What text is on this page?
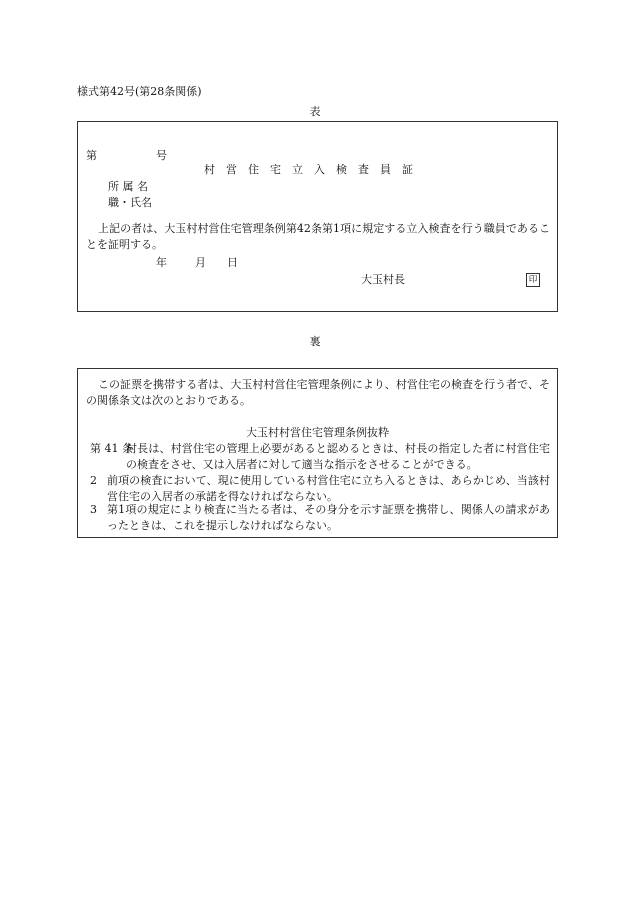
様式第42号(第28条関係)
表
第	号
村営住宅立入検査員証
所 属 名
職・氏名
上記の者は、大玉村村営住宅管理条例第42条第1項に規定する立入検査を行う職員であることを証明する。
年	月 日
大玉村長	印
裏
この証票を携帯する者は、大玉村村営住宅管理条例により、村営住宅の検査を行う者で、その関係条文は次のとおりである。
大玉村村営住宅管理条例抜粋
第 41 条
村長は、村営住宅の管理上必要があると認めるときは、村長の指定した者に村営住宅の検査をさせ、又は入居者に対して適当な指示をさせることができる。
2 前項の検査において、現に使用している村営住宅に立ち入るときは、あらかじめ、当該村営住宅の入居者の承諾を得なければならない。
3 第1項の規定により検査に当たる者は、その身分を示す証票を携帯し、関係人の請求があったときは、これを提示しなければならない。
